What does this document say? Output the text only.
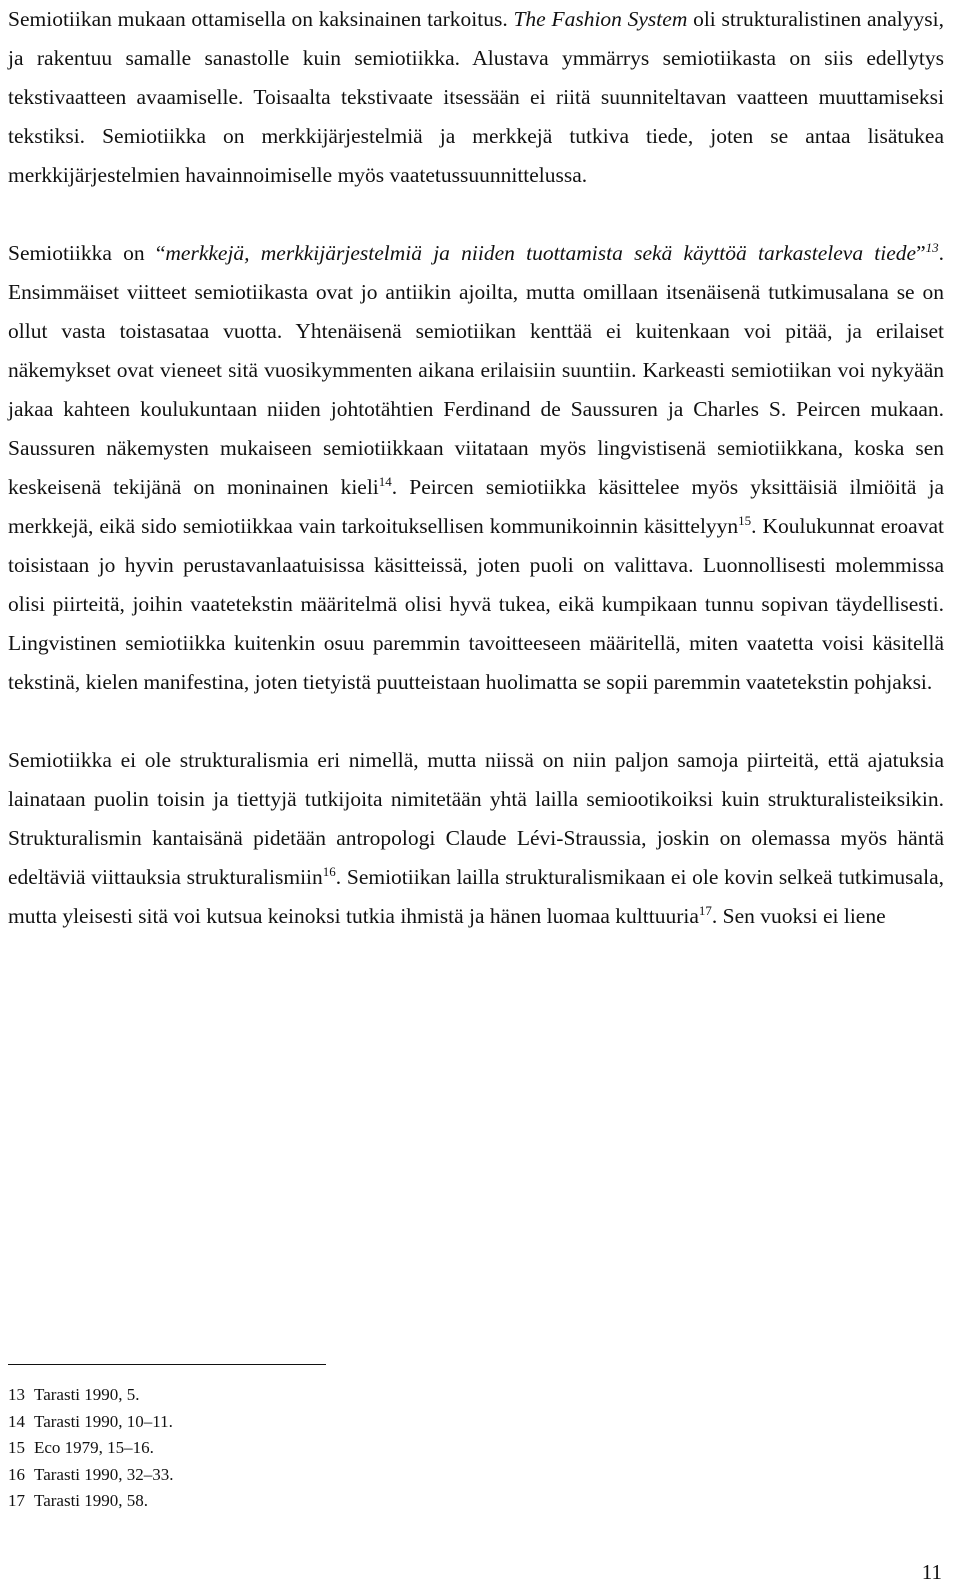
Semiotiikan mukaan ottamisella on kaksinainen tarkoitus. The Fashion System oli strukturalistinen analyysi, ja rakentuu samalle sanastolle kuin semiotiikka. Alustava ymmärrys semiotiikasta on siis edellytys tekstivaatteen avaamiselle. Toisaalta tekstivaate itsessään ei riitä suunniteltavan vaatteen muuttamiseksi tekstiksi. Semiotiikka on merkkijärjestelmiä ja merkkejä tutkiva tiede, joten se antaa lisätukea merkkijärjestelmien havainnoimiselle myös vaatetussuunnittelussa.

Semiotiikka on “merkkejä, merkkijärjestelmiä ja niiden tuottamista sekä käyttöä tarkasteleva tiede”$^{13}$. Ensimmäiset viitteet semiotiikasta ovat jo antiikin ajoilta, mutta omillaan itsenäisenä tutkimusalana se on ollut vasta toistasataa vuotta. Yhtenäisenä semiotiikan kenttää ei kuitenkaan voi pitää, ja erilaiset näkemykset ovat vieneet sitä vuosikymmenten aikana erilaisiin suuntiin. Karkeasti semiotiikan voi nykyään jakaa kahteen koulukuntaan niiden johtotähtien Ferdinand de Saussuren ja Charles S. Peircen mukaan. Saussuren näkemysten mukaiseen semiotiikkaan viitataan myös lingvistisenä semiotiikkana, koska sen keskeisenä tekijänä on moninainen kieli$^{14}$. Peircen semiotiikka käsittelee myös yksittäisiä ilmiöitä ja merkkejä, eikä sido semiotiikkaa vain tarkoituksellisen kommunikoinnin käsittelyyn$^{15}$. Koulukunnat eroavat toisistaan jo hyvin perustavanlaatuisissa käsitteissä, joten puoli on valittava. Luonnollisesti molemmissa olisi piirteitä, joihin vaatetekstin määritelmä olisi hyvä tukea, eikä kumpikaan tunnu sopivan täydellisesti. Lingvistinen semiotiikka kuitenkin osuu paremmin tavoitteeseen määritellä, miten vaatetta voisi käsitellä tekstinä, kielen manifestina, joten tietyistä puutteistaan huolimatta se sopii paremmin vaatetekstin pohjaksi.

Semiotiikka ei ole strukturalismia eri nimellä, mutta niissä on niin paljon samoja piirteitä, että ajatuksia lainataan puolin toisin ja tiettyjä tutkijoita nimitetään yhtä lailla semiootikoiksi kuin strukturalisteiksikin. Strukturalismin kantaisänä pidetään antropologi Claude Lévi-Straussia, joskin on olemassa myös häntä edeltäviä viittauksia strukturalismiin$^{16}$. Semiotiikan lailla strukturalismikaan ei ole kovin selkeä tutkimusala, mutta yleisesti sitä voi kutsua keinoksi tutkia ihmistä ja hänen luomaa kulttuuria$^{17}$. Sen vuoksi ei liene

13 Tarasti 1990, 5.
14 Tarasti 1990, 10–11.
15 Eco 1979, 15–16.
16 Tarasti 1990, 32–33.
17 Tarasti 1990, 58.
11
